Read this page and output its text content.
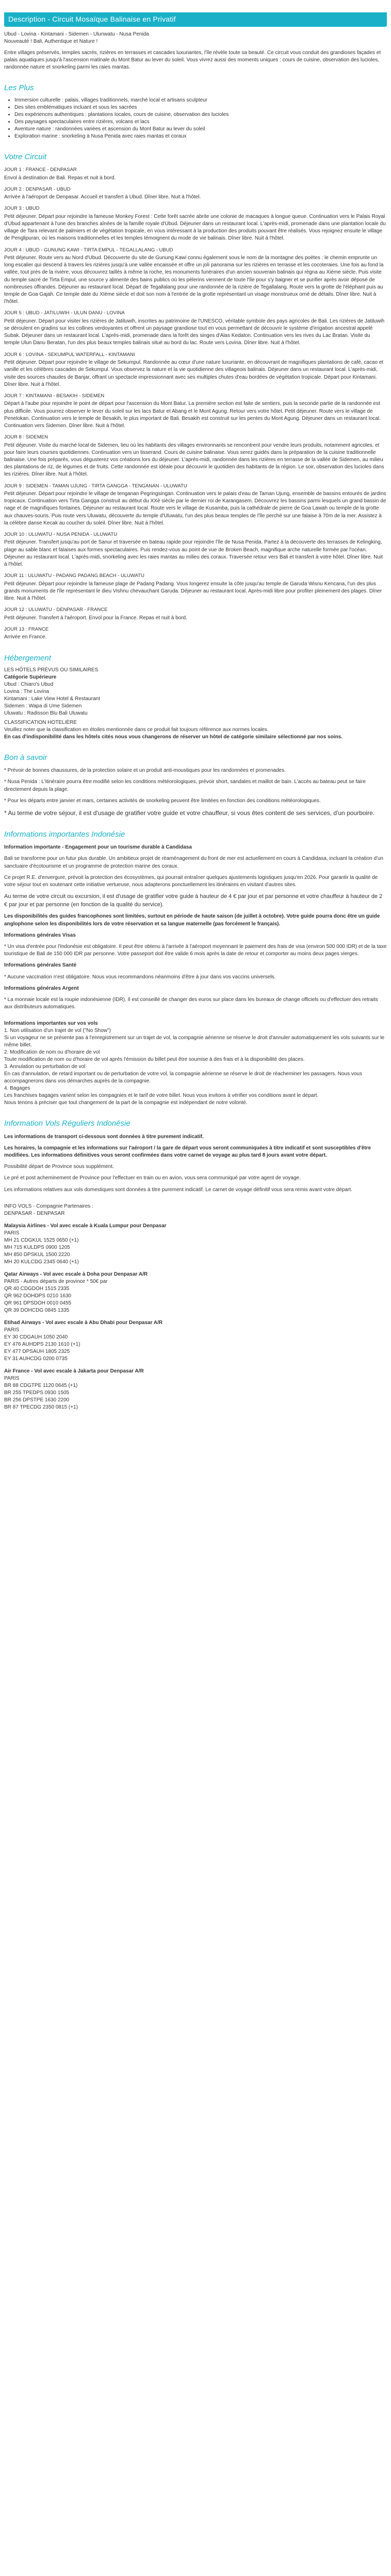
Description - Circuit Mosaïque Balinaise en Privatif
Ubud - Lovina - Kintamani - Sidemen - Ulunwatu - Nusa Penida
Nouveauté ! Bali, Authentique et Nature !

Entre villages préservés, temples sacrés, rizières en terrasses et cascades luxuriantes, l'île révèle toute sa beauté. Ce circuit vous conduit des grandioses façades et palais aquatiques jusqu'à l'ascension matinale du Mont Batur au lever du soleil. Vous vivrez aussi des moments uniques : cours de cuisine, observation des lucioles, randonnée nature et snorkeling parmi les raies mantas.

Les Plus
• Immersion culturelle : palais, villages traditionnels, marché local et artisans sculpteur
• Des sites emblématiques incluant et sous les sacrées
• Des expériences authentiques : plantations locales, cours de cuisine, observation des lucioles
• Des paysages spectaculaires entre rizières, volcans et lacs
• Aventure nature : randonnées variées et ascension du Mont Batur au lever du soleil
• Exploration marine : snorkeling à Nusa Penida avec raies mantas et coraux
Votre Circuit
JOUR 1 : FRANCE - DENPASAR
Envol à destination de Bali. Repas et nuit à bord.
JOUR 2 : DENPASAR - UBUD
Arrivée à l'aéroport de Denpasar. Accueil et transfert à Ubud. Dîner libre. Nuit à l'hôtel.
JOUR 3 : UBUD
Petit déjeuner. Départ pour rejoindre la fameuse Monkey Forest : Cette forêt sacrée abrite une colonie de macaques à longue queue. Continuation vers le Palais Royal d'Ubud appartenant à l'une des branches aînées de la famille royale d'Ubud. Déjeuner dans un restaurant local. L'après-midi, promenade dans une plantation locale du village de Tara relevant de palmiers et de végétation tropicale, en vous intéressant à la production des produits pouvant être réalisés. Vous rejoignez ensuite le village de Penglipuran, où les maisons traditionnelles et les temples témoignent du mode de vie balinais. Dîner libre. Nuit à l'hôtel.
JOUR 4 : UBUD - GUNUNG KAWI - TIRTA EMPUL - TEGALLALANG - UBUD
Petit déjeuner. Route vers au Nord d'Ubud. Découverte du site de Gunung Kawi connu également sous le nom de la montagne des poètes : le chemin emprunte un long escalier qui descend à travers les rizières jusqu'à une vallée encaissée et offre un joli panorama sur les rizières en terrasse et les cocoteraies. Une fois au fond la vallée, tout près de la rivière, vous découvrez taillés à même la roche, les monuments funéraires d'un ancien souverain balinais qui règna au Xième siècle. Puis visite du temple sacré de Tirta Empul, une source y alimente des bains publics où les pèlerins viennent de toute l'île pour s'y baigner et se purifier après avoir déposé de nombreuses offrandes. Déjeuner au restaurant local. Départ de Tegallalang pour une randonnée de la rizière de Tegallalang. Route vers la grotte de l'éléphant puis au temple de Goa Gajah. Ce temple date du XIème siècle et doit son nom à l'entrée de la grotte représentant un visage monstrueux orné de détails. Dîner libre. Nuit à l'hôtel.
JOUR 5 : UBUD - JATILUWIH - ULUN DANU - LOVINA
Petit déjeuner. Départ pour visiter les rizières de Jatiluwih, inscrites au patrimoine de l'UNESCO, véritable symbole des pays agricoles de Bali. Les rizières de Jatiluwih se déroulent en gradins sur les collines verdoyantes et offrent un paysage grandiose tout en vous permettant de découvrir le système d'irrigation ancestral appelé Subak. Déjeuner dans un restaurant local. L'après-midi, promenade dans la forêt des singes d'Alas Kedaton. Continuation vers les rives du Lac Bratan. Visite du temple Ulun Danu Beratan, l'un des plus beaux temples balinais situé au bord du lac. Route vers Lovina. Dîner libre. Nuit à l'hôtel.
JOUR 6 : LOVINA - SEKUMPUL WATERFALL - KINTAMANI
Petit déjeuner. Départ pour rejoindre le village de Sekumpul. Randonnée au cœur d'une nature luxuriante, en découvrant de magnifiques plantations de café, cacao et vanille et les célèbres cascades de Sekumpul. Vous observez la nature et la vie quotidienne des villageois balinais. Déjeuner dans un restaurant local. L'après-midi, visite des sources chaudes de Banjar, offrant un spectacle impressionnant avec ses multiples chutes d'eau bordées de végétation tropicale. Départ pour Kintamani. Dîner libre. Nuit à l'hôtel.
JOUR 7 : KINTAMANI - BESAKIH - SIDEMEN
Départ à l'aube pour rejoindre le point de départ pour l'ascension du Mont Batur. La première section est faite de sentiers, puis la seconde partie de la randonnée est plus difficile. Vous pourrez observer le lever du soleil sur les lacs Batur et Abang et le Mont Agung. Retour vers votre hôtel. Petit déjeuner. Route vers le village de Penelokan. Continuation vers le temple de Besakih, le plus important de Bali. Besakih est construit sur les pentes du Mont Agung. Déjeuner dans un restaurant local. Continuation vers Sidemen. Dîner libre. Nuit à l'hôtel.
JOUR 8 : SIDEMEN
Petit déjeuner. Visite du marché local de Sidemen, lieu où les habitants des villages environnants se rencontrent pour vendre leurs produits, notamment agricoles, et pour faire leurs courses quotidiennes. Continuation vers un tisserand. Cours de cuisine balinaise. Vous serez guidés dans la préparation de la cuisine traditionnelle balinaise. Une fois préparés, vous dégusterez vos créations lors du déjeuner. L'après-midi, randonnée dans les rizières en terrasse de la vallée de Sidemen, au milieu des plantations de riz, de légumes et de fruits. Cette randonnée est idéale pour découvrir le quotidien des habitants de la région. Le soir, observation des lucioles dans les rizières. Dîner libre. Nuit à l'hôtel.
JOUR 9 : SIDEMEN - TAMAN UJUNG - TIRTA GANGGA - TENGANAN - ULUWATU
Petit déjeuner. Départ pour rejoindre le village de tenganan Pegringsingan. Continuation vers le palais d'eau de Taman Ujung, ensemble de bassins entourés de jardins tropicaux. Continuation vers Tirta Gangga construit au début du XXè siècle par le dernier roi de Karangasem. Découvrez les bassins parmi lesquels un grand bassin de nage et de magnifiques fontaines. Déjeuner au restaurant local. Route vers le village de Kusamba, puis la cathédrale de pierre de Goa Lawah ou temple de la grotte aux chauves-souris. Puis route vers Uluwatu, découverte du temple d'Uluwatu, l'un des plus beaux temples de l'île perché sur une falaise à 70m de la mer. Assistez à la célèbre danse Kecak au coucher du soleil. Dîner libre. Nuit à l'hôtel.
JOUR 10 : ULUWATU - NUSA PENIDA - ULUWATU
Petit déjeuner. Transfert jusqu'au port de Sanur et traversée en bateau rapide pour rejoindre l'île de Nusa Penida. Partez à la découverte des terrasses de Kelingking, plage au sable blanc et falaises aux formes spectaculaires. Puis rendez-vous au point de vue de Broken Beach, magnifique arche naturelle formée par l'océan. Déjeuner au restaurant local. L'après-midi, snorkeling avec les raies mantas au milieu des coraux. Traversée retour vers Bali et transfert à votre hôtel. Dîner libre. Nuit à l'hôtel.
JOUR 11 : ULUWATU - PADANG PADANG BEACH - ULUWATU
Petit déjeuner. Départ pour rejoindre la fameuse plage de Padang Padang. Vous longerez ensuite la côte jusqu'au temple de Garuda Wisnu Kencana, l'un des plus grands monuments de l'île représentant le dieu Vishnu chevauchant Garuda. Déjeuner au restaurant local. Après-midi libre pour profiter pleinement des plages. Dîner libre. Nuit à l'hôtel.
JOUR 12 : ULUWATU - DENPASAR - FRANCE
Petit déjeuner. Transfert à l'aéroport. Envol pour la France. Repas et nuit à bord.
JOUR 13 : FRANCE
Arrivée en France.
Hébergement
LES HÔTELS PRÉVUS OU SIMILAIRES
Catégorie Supérieure
Ubud : Chiaro's Ubud
Lovina : The Lovina
Kintamani : Lake View Hotel & Restaurant
Sidemen : Wapa di Ume Sidemen
Uluwatu : Radisson Blu Bali Uluwatu
CLASSIFICATION HOTELIÈRE
Veuillez noter que la classification en étoiles mentionnée dans ce produit fait toujours référence aux normes locales.
En cas d'indisponibilité dans les hôtels cités nous vous changerons de réserver un hôtel de catégorie similaire sélectionné par nos soins.
Bon à savoir

* Prévoir de bonnes chaussures, de la protection solaire et un produit anti-moustiques pour les randonnées et promenades.

* Nusa Penida : L'itinéraire pourra être modifié selon les conditions météorologiques, prévoir short, sandales et maillot de bain. L'accès au bateau peut se faire directement depuis la plage.

* Pour les départs entre janvier et mars, certaines activités de snorkeling peuvent être limitées en fonction des conditions météorologiques.

* Au terme de votre séjour, il est d'usage de gratifier votre guide et votre chauffeur, si vous êtes content de ses services, d'un pourboire.

Informations importantes Indonésie

Information importante - Engagement pour un tourisme durable à Candidasa

Bali se transforme pour un futur plus durable. Un ambitieux projet de réaménagement du front de mer est actuellement en cours à Candidasa, incluant la création d'un sanctuaire d'écotourisme et un programme de protection marine des coraux.

Ce projet R.E. d'envergure, prévoit la protection des écosystèmes, qui pourrait entraîner quelques ajustements logistiques jusqu'en 2026. Pour garantir la qualité de votre séjour tout en soutenant cette initiative vertueuse, nous adapterons ponctuellement les itinéraires en visitant d'autres sites.

Au terme de votre circuit ou excursion, il est d'usage de gratifier votre guide à hauteur de 4 € par jour et par personne et votre chauffeur à hauteur de 2 € par jour et par personne (en fonction de la qualité du service).

Les disponibilités des guides francophones sont limitées, surtout en période de haute saison (de juillet à octobre). Votre guide pourra donc être un guide anglophone selon les disponibilités lors de votre réservation et sa langue maternelle (pas forcément le français).

Informations générales Visas

* Un visa d'entrée pour l'Indonésie est obligatoire. Il peut être obtenu à l'arrivée à l'aéroport moyennant le paiement des frais de visa (environ 500 000 IDR) et de la taxe touristique de Bali de 150 000 IDR par personne. Votre passeport doit être valide 6 mois après la date de retour et comporter au moins deux pages vierges.

Informations générales Santé

* Aucune vaccination n'est obligatoire. Nous vous recommandons néanmoins d'être à jour dans vos vaccins universels.

Informations générales Argent

* La monnaie locale est la roupie indonésienne (IDR). Il est conseillé de changer des euros sur place dans les bureaux de change officiels ou d'effectuer des retraits aux distributeurs automatiques.

Informations importantes sur vos vols
1. Non utilisation d'un trajet de vol ("No Show")
Si un voyageur ne se présente pas à l'enregistrement sur un trajet de vol, la compagnie aérienne se réserve le droit d'annuler automatiquement les vols suivants sur le même billet.
2. Modification de nom ou d'horaire de vol
Toute modification de nom ou d'horaire de vol après l'émission du billet peut être soumise à des frais et à la disponibilité des places.
3. Annulation ou perturbation de vol
En cas d'annulation, de retard important ou de perturbation de votre vol, la compagnie aérienne se réserve le droit de réacheminer les passagers. Nous vous accompagnerons dans vos démarches auprès de la compagnie.
4. Bagages
Les franchises bagages varient selon les compagnies et le tarif de votre billet. Nous vous invitons à vérifier vos conditions avant le départ.
Nous tenons à préciser que tout changement de la part de la compagnie est indépendant de notre volonté.
Information Vols Réguliers Indonésie

Les informations de transport ci-dessous sont données à titre purement indicatif.

Les horaires, la compagnie et les informations sur l'aéroport / la gare de départ vous seront communiquées à titre indicatif et sont susceptibles d'être modifiées. Les informations définitives vous seront confirmées dans votre carnet de voyage au plus tard 8 jours avant votre départ.

Possibilité départ de Province sous supplément.

Le pré et post acheminement de Province pour l'effectuer en train ou en avion, vous sera communiqué par votre agent de voyage.

Les informations relatives aux vols domestiques sont données à titre purement indicatif. Le carnet de voyage définitif vous sera remis avant votre départ.

INFO VOLS - Compagnie Partenaires :
DENPASAR - DENPASAR
Malaysia Airlines - Vol avec escale à Kuala Lumpur pour Denpasar
PARIS
MH 21 CDGKUL 1525 0650 (+1)
MH 715 KULDPS 0900 1205
MH 850 DPSKUL 1500 2220
MH 20 KULCDG 2345 0640 (+1)
Qatar Airways - Vol avec escale à Doha pour Denpasar A/R
PARIS - Autres départs de province * 50€ par
QR 40 CDGDOH 1515 2335
QR 962 DOHDPS 0210 1630
QR 961 DPSDOH 0010 0455
QR 39 DOHCDG 0845 1335
Etihad Airways - Vol avec escale à Abu Dhabi pour Denpasar A/R
PARIS
EY 30 CDGAUH 1050 2040
EY 476 AUHDPS 2130 1610 (+1)
EY 477 DPSAUH 1805 2325
EY 31 AUHCDG 0200 0735
Air France - Vol avec escale à Jakarta pour Denpasar A/R
PARIS
BR 88 CDGTPE 1120 0645 (+1)
BR 255 TPEDPS 0930 1505
BR 256 DPSTPE 1630 2200
BR 87 TPECDG 2350 0815 (+1)
